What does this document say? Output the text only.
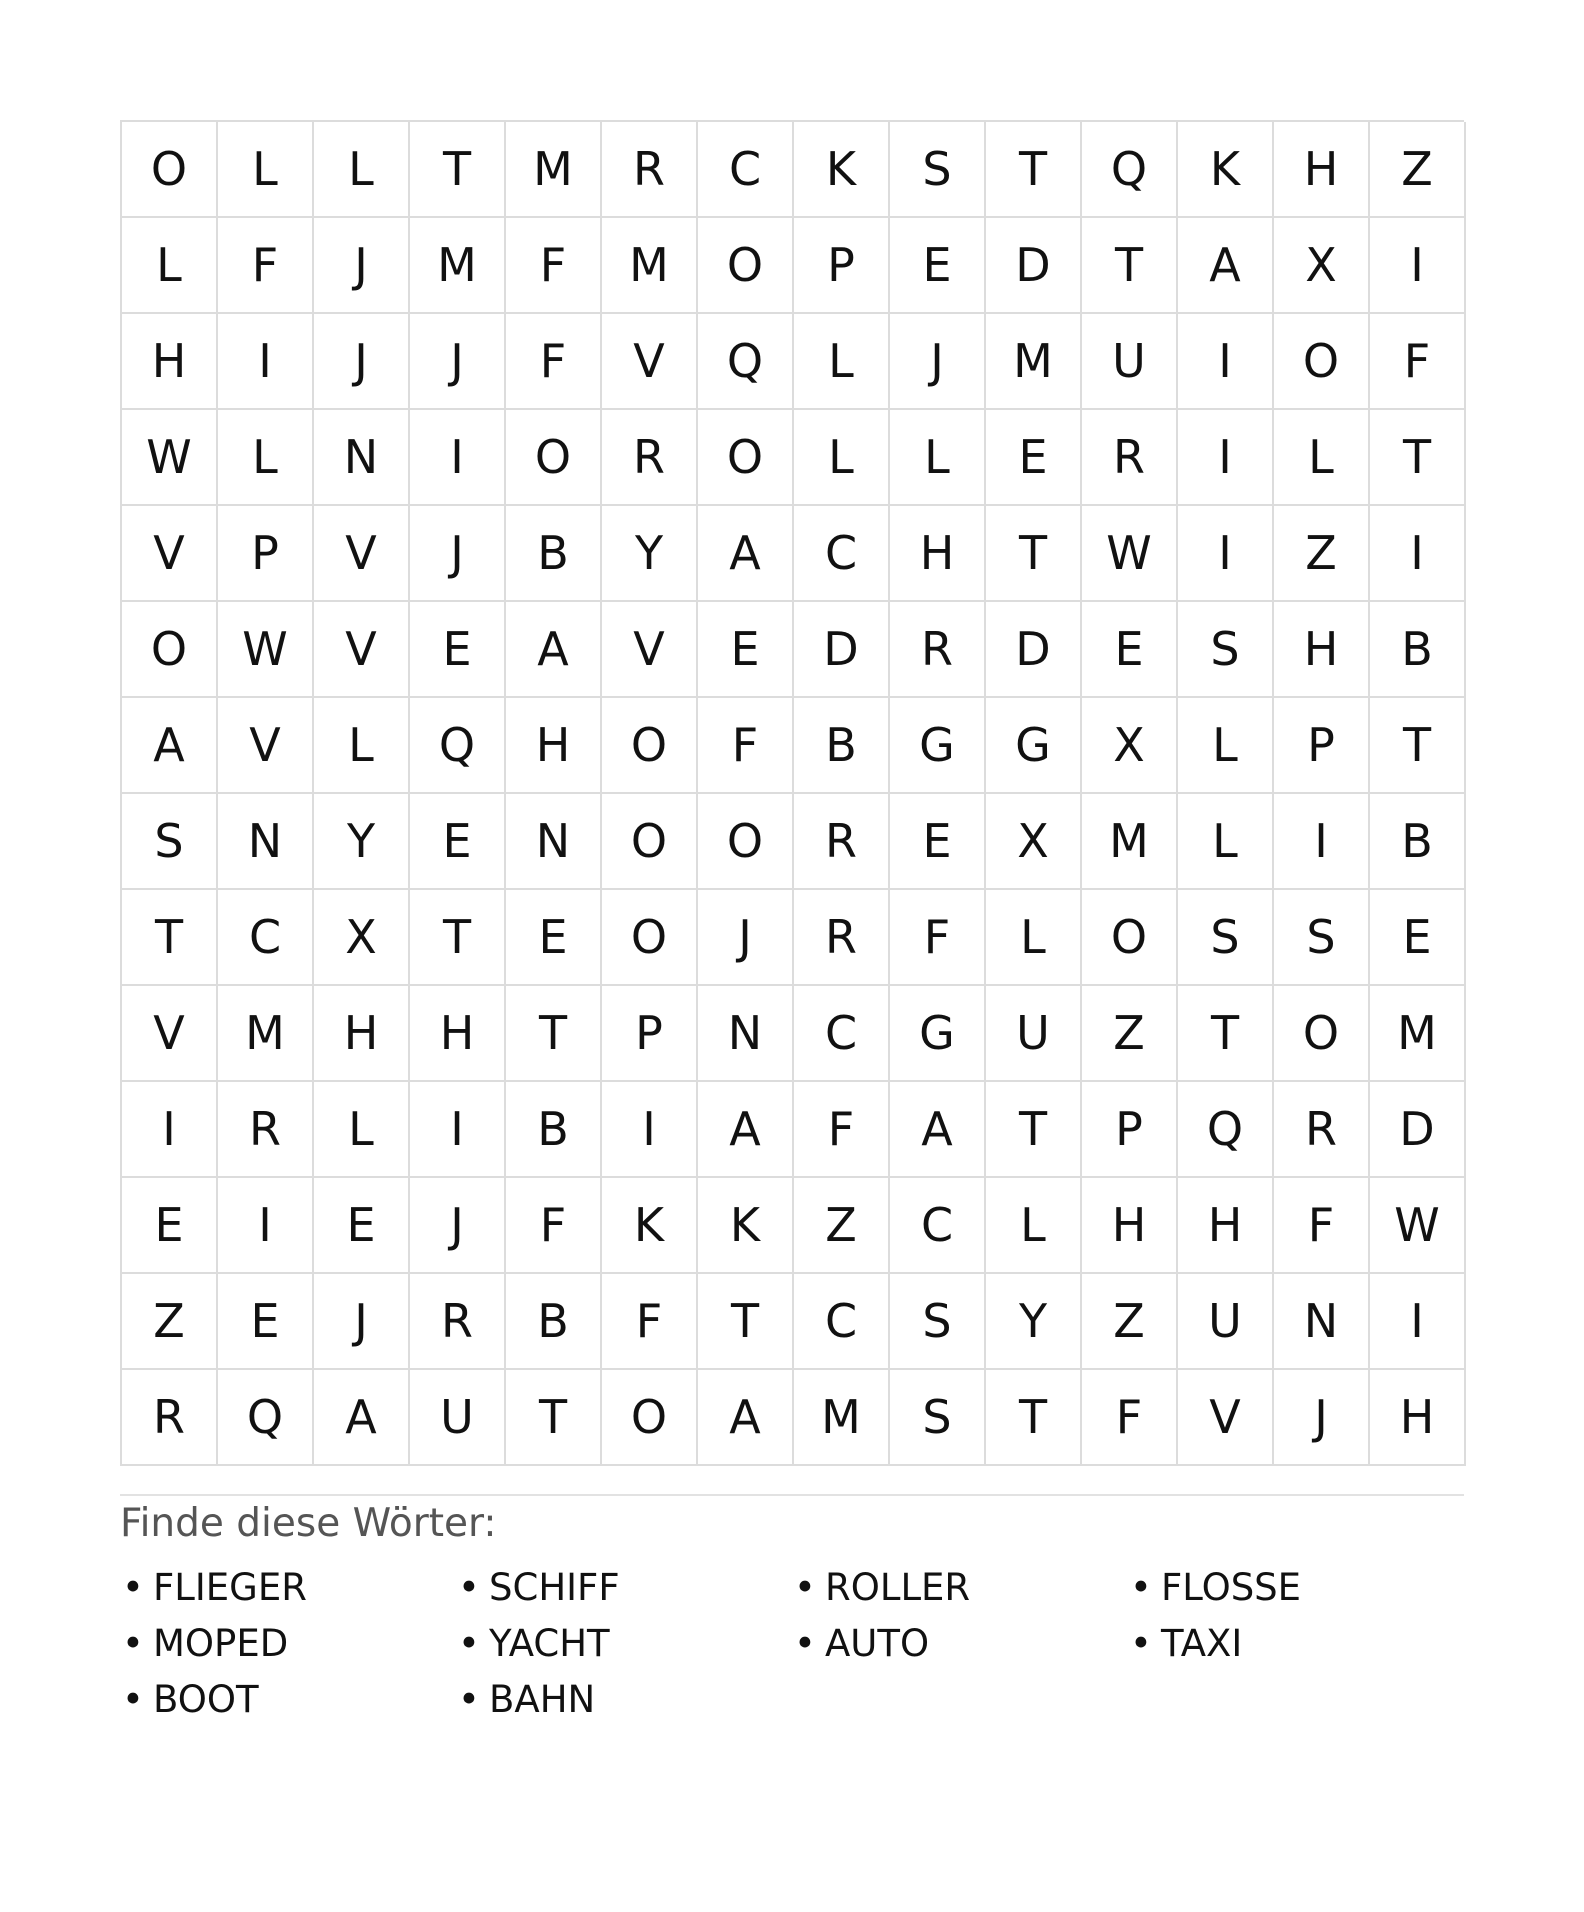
O	L	L	T	M	R	C	K	S	T	Q	K	H	Z
L	F	J	M	F	M	O	P	E	D	T	A	X	I
H	I	J	J	F	V	Q	L	J	M	U	I	O	F
W	L	N	I	O	R	O	L	L	E	R	I	L	T
V	P	V	J	B	Y	A	C	H	T	W	I	Z	I
O	W	V	E	A	V	E	D	R	D	E	S	H	B
A	V	L	Q	H	O	F	B	G	G	X	L	P	T
S	N	Y	E	N	O	O	R	E	X	M	L	I	B
T	C	X	T	E	O	J	R	F	L	O	S	S	E
V	M	H	H	T	P	N	C	G	U	Z	T	O	M
I	R	L	I	B	I	A	F	A	T	P	Q	R	D
E	I	E	J	F	K	K	Z	C	L	H	H	F	W
Z	E	J	R	B	F	T	C	S	Y	Z	U	N	I
R	Q	A	U	T	O	A	M	S	T	F	V	J	H
Finde diese Wörter:
• FLIEGER	• SCHIFF	• ROLLER	• FLOSSE
• MOPED	• YACHT	• AUTO	• TAXI
• BOOT	• BAHN
